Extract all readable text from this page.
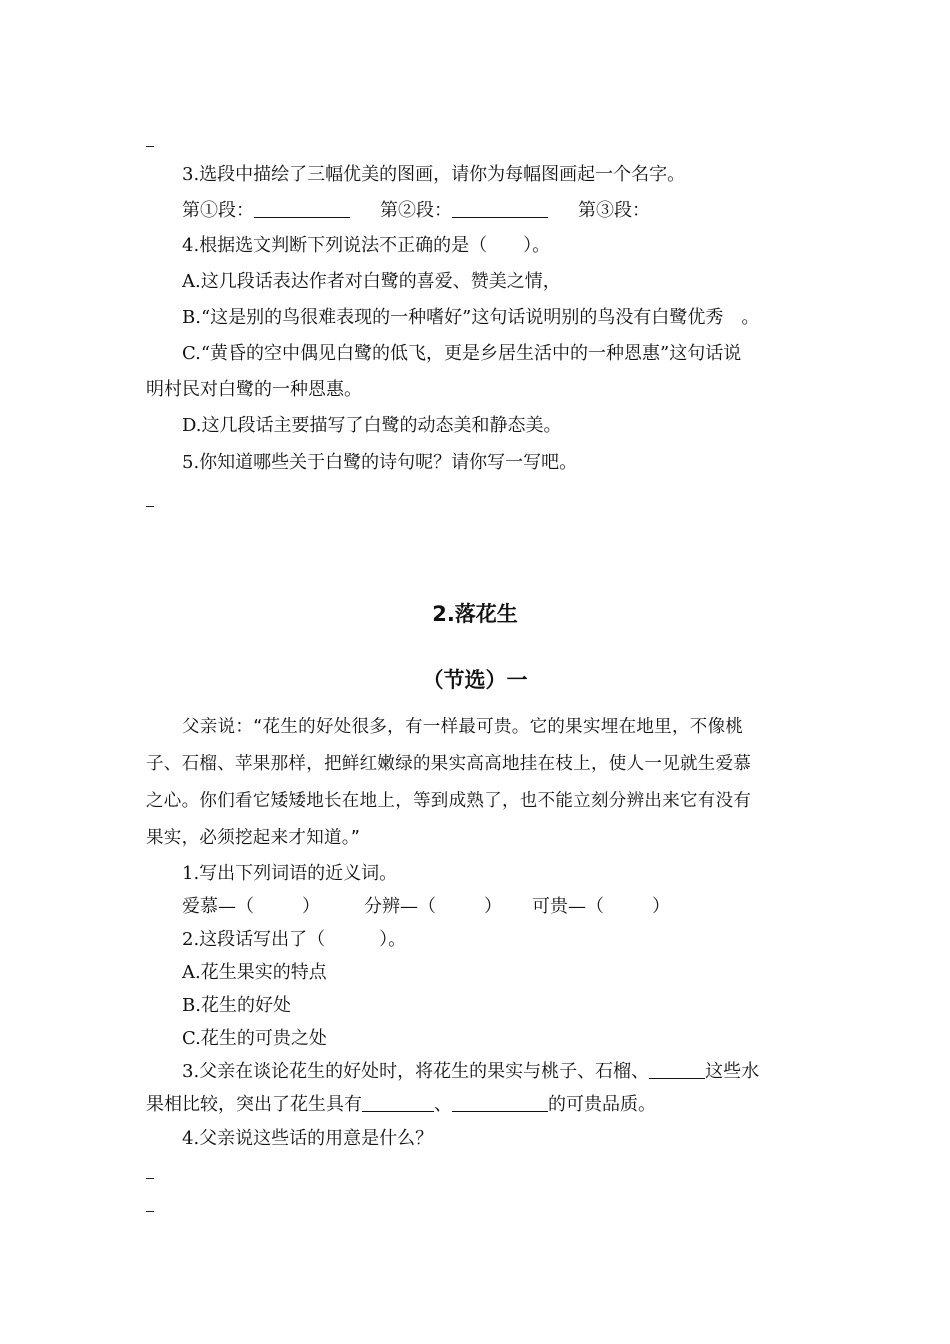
3.选段中描绘了三幅优美的图画，请你为每幅图画起一个名字。
第①段：	第②段：	第③段：
4.根据选文判断下列说法不正确的是（　　）。
A.这几段话表达作者对白鹭的喜爱、赞美之情，
B.“这是别的鸟很难表现的一种嗜好”这句话说明别的鸟没有白鹭优秀　。
C.“黄昏的空中偶见白鹭的低飞，更是乡居生活中的一种恩惠”这句话说
明村民对白鹭的一种恩惠。
D.这几段话主要描写了白鹭的动态美和静态美。
5.你知道哪些关于白鹭的诗句呢？请你写一写吧。
2.落花生
（节选）一
父亲说：“花生的好处很多，有一样最可贵。它的果实埋在地里，不像桃
子、石榴、苹果那样，把鲜红嫩绿的果实高高地挂在枝上，使人一见就生爱慕
之心。你们看它矮矮地长在地上，等到成熟了，也不能立刻分辨出来它有没有
果实，必须挖起来才知道。”
1.写出下列词语的近义词。
爱慕—（	） 分辨—（	） 可贵—（	）
2.这段话写出了（　　　）。
A.花生果实的特点
B.花生的好处
C.花生的可贵之处
3.父亲在谈论花生的好处时，将花生的果实与桃子、石榴、	这些水
果相比较，突出了花生具有	、	的可贵品质。
4.父亲说这些话的用意是什么？
